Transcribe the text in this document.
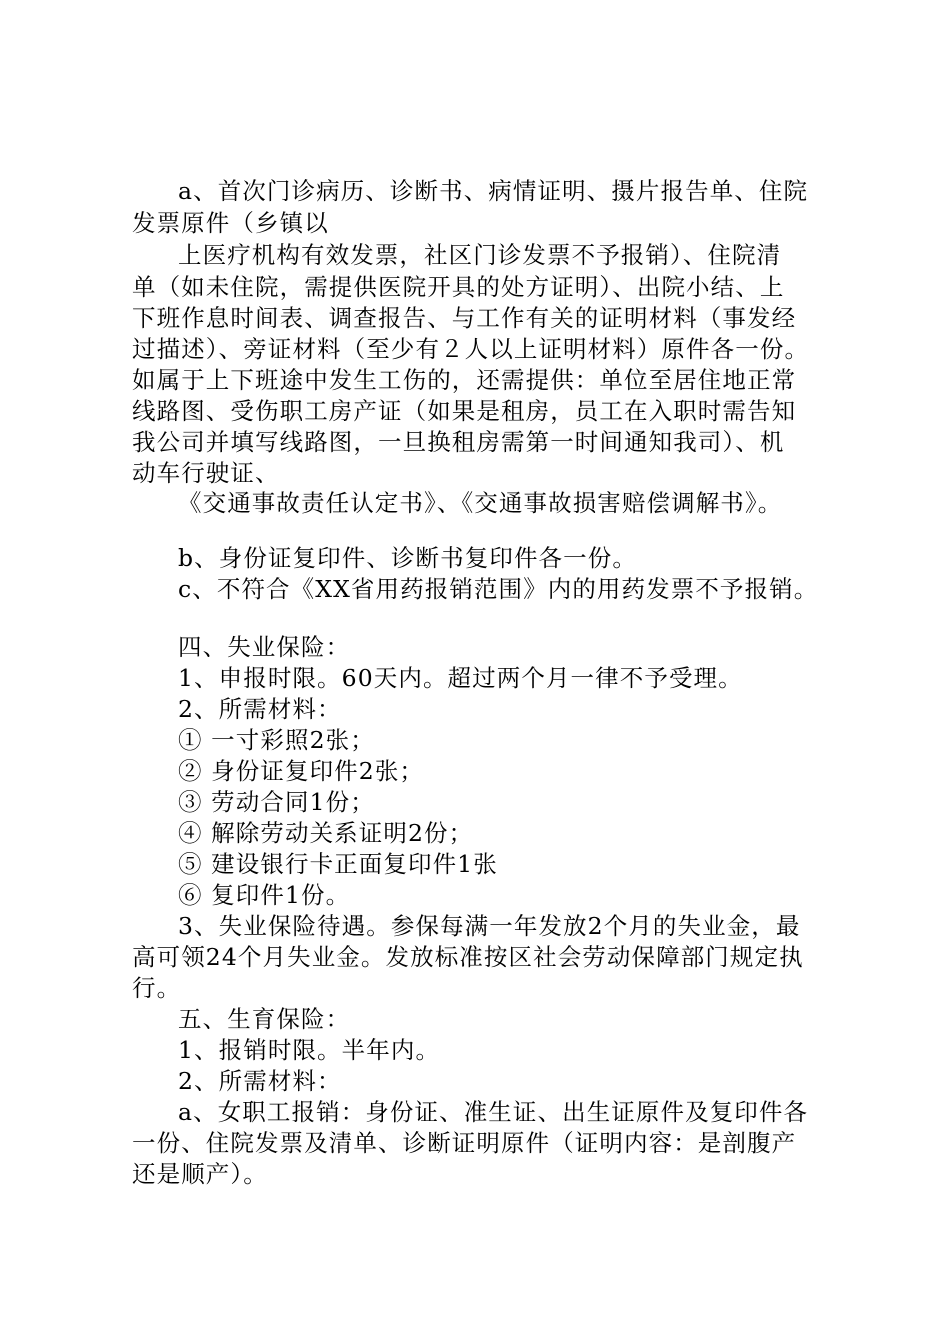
a、首次门诊病历、诊断书、病情证明、摄片报告单、住院

发票原件（乡镇以

上医疗机构有效发票，社区门诊发票不予报销）、住院清

单（如未住院，需提供医院开具的处方证明）、出院小结、上

下班作息时间表、调查报告、与工作有关的证明材料（事发经

过描述）、旁证材料（至少有２人以上证明材料）原件各一份。

如属于上下班途中发生工伤的，还需提供：单位至居住地正常

线路图、受伤职工房产证（如果是租房，员工在入职时需告知

我公司并填写线路图，一旦换租房需第一时间通知我司）、机

动车行驶证、

《交通事故责任认定书》、《交通事故损害赔偿调解书》。

b、身份证复印件、诊断书复印件各一份。

c、不符合《XX省用药报销范围》内的用药发票不予报销。

四、失业保险：

1、申报时限。60天内。超过两个月一律不予受理。

2、所需材料：

① 一寸彩照2张；

② 身份证复印件2张；

③ 劳动合同1份；

④ 解除劳动关系证明2份；

⑤ 建设银行卡正面复印件1张

⑥ 复印件1份。

3、失业保险待遇。参保每满一年发放2个月的失业金，最

高可领24个月失业金。发放标准按区社会劳动保障部门规定执

行。

五、生育保险：

1、报销时限。半年内。

2、所需材料：

a、女职工报销：身份证、准生证、出生证原件及复印件各

一份、住院发票及清单、诊断证明原件（证明内容：是剖腹产

还是顺产）。
